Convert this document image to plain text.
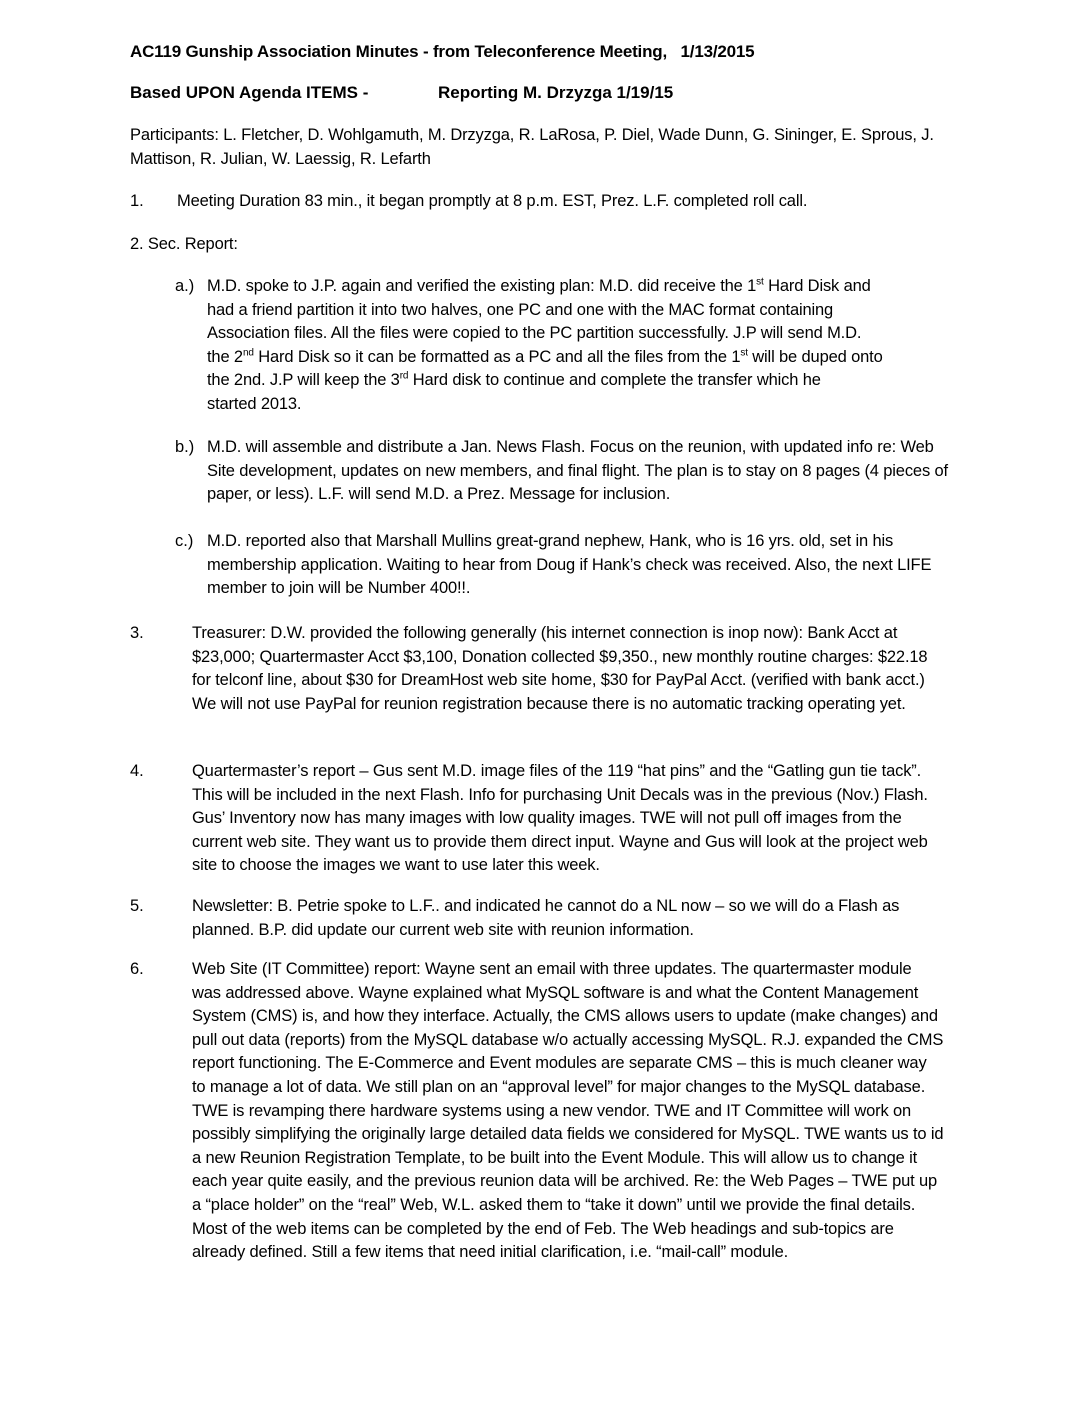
AC119 Gunship Association Minutes - from Teleconference Meeting,   1/13/2015
Based UPON Agenda ITEMS -	Reporting M. Drzyzga 1/19/15
Participants: L. Fletcher, D. Wohlgamuth, M. Drzyzga, R. LaRosa, P. Diel, Wade Dunn, G. Sininger, E. Sprous, J. Mattison, R. Julian, W. Laessig, R. Lefarth
1. Meeting Duration 83 min., it began promptly at 8 p.m. EST, Prez. L.F. completed roll call.
2. Sec. Report:
a.) M.D. spoke to J.P. again and verified the existing plan: M.D. did receive the 1st Hard Disk and
had a friend partition it into two halves, one PC and one with the MAC format containing
Association files. All the files were copied to the PC partition successfully. J.P will send M.D.
the 2nd Hard Disk so it can be formatted as a PC and all the files from the 1st will be duped onto
the 2nd. J.P will keep the 3rd Hard disk to continue and complete the transfer which he
started 2013.
b.) M.D. will assemble and distribute a Jan. News Flash. Focus on the reunion, with updated info re: Web Site development, updates on new members, and final flight. The plan is to stay on 8 pages (4 pieces of paper, or less). L.F. will send M.D. a Prez. Message for inclusion.
c.) M.D. reported also that Marshall Mullins great-grand nephew, Hank, who is 16 yrs. old, set in his membership application. Waiting to hear from Doug if Hank’s check was received. Also, the next LIFE member to join will be Number 400!!.
3.	Treasurer: D.W. provided the following generally (his internet connection is inop now): Bank Acct at $23,000; Quartermaster Acct $3,100, Donation collected $9,350., new monthly routine charges: $22.18 for telconf line, about $30 for DreamHost web site home, $30 for PayPal Acct. (verified with bank acct.) We will not use PayPal for reunion registration because there is no automatic tracking operating yet.
4.	Quartermaster’s report – Gus sent M.D. image files of the 119 “hat pins” and the “Gatling gun tie tack”. This will be included in the next Flash. Info for purchasing Unit Decals was in the previous (Nov.) Flash. Gus’ Inventory now has many images with low quality images. TWE will not pull off images from the current web site. They want us to provide them direct input. Wayne and Gus will look at the project web site to choose the images we want to use later this week.
5.	Newsletter: B. Petrie spoke to L.F.. and indicated he cannot do a NL now – so we will do a Flash as planned. B.P. did update our current web site with reunion information.
6.	Web Site (IT Committee) report: Wayne sent an email with three updates. The quartermaster module was addressed above. Wayne explained what MySQL software is and what the Content Management System (CMS) is, and how they interface. Actually, the CMS allows users to update (make changes) and pull out data (reports) from the MySQL database w/o actually accessing MySQL. R.J. expanded the CMS report functioning. The E-Commerce and Event modules are separate CMS – this is much cleaner way to manage a lot of data. We still plan on an “approval level” for major changes to the MySQL database. TWE is revamping there hardware systems using a new vendor. TWE and IT Committee will work on possibly simplifying the originally large detailed data fields we considered for MySQL. TWE wants us to id a new Reunion Registration Template, to be built into the Event Module. This will allow us to change it each year quite easily, and the previous reunion data will be archived. Re: the Web Pages – TWE put up a “place holder” on the “real” Web, W.L. asked them to “take it down” until we provide the final details. Most of the web items can be completed by the end of Feb. The Web headings and sub-topics are already defined. Still a few items that need initial clarification, i.e. “mail-call” module.
